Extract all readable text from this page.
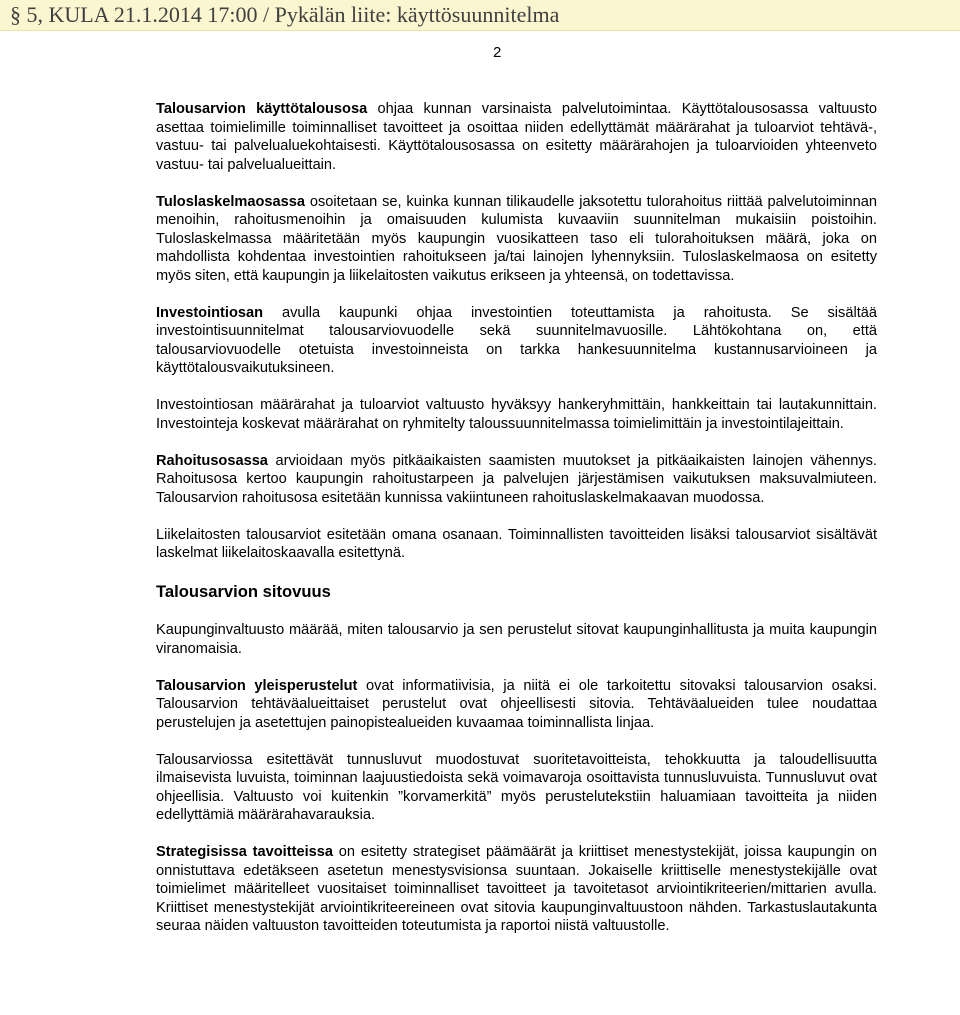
§ 5, KULA 21.1.2014 17:00 / Pykälän liite: käyttösuunnitelma
2

Talousarvion käyttötalousosa ohjaa kunnan varsinaista palvelutoimintaa. Käyttötalousosassa valtuusto asettaa toimielimille toiminnalliset tavoitteet ja osoittaa niiden edellyttämät määrärahat ja tuloarviot tehtävä-, vastuu- tai palvelualuekohtaisesti. Käyttötalousosassa on esitetty määrärahojen ja tuloarvioiden yhteenveto vastuu- tai palvelualueittain.

Tuloslaskelmaosassa osoitetaan se, kuinka kunnan tilikaudelle jaksotettu tulorahoitus riittää palvelutoiminnan menoihin, rahoitusmenoihin ja omaisuuden kulumista kuvaaviin suunnitelman mukaisiin poistoihin. Tuloslaskelmassa määritetään myös kaupungin vuosikatteen taso eli tulorahoituksen määrä, joka on mahdollista kohdentaa investointien rahoitukseen ja/tai lainojen lyhennyksiin. Tuloslaskelmaosa on esitetty myös siten, että kaupungin ja liikelaitosten vaikutus erikseen ja yhteensä, on todettavissa.

Investointiosan avulla kaupunki ohjaa investointien toteuttamista ja rahoitusta. Se sisältää investointisuunnitelmat talousarviovuodelle sekä suunnitelmavuosille. Lähtökohtana on, että talousarviovuodelle otetuista investoinneista on tarkka hankesuunnitelma kustannusarvioineen ja käyttötalousvaikutuksineen.

Investointiosan määrärahat ja tuloarviot valtuusto hyväksyy hankeryhmittäin, hankkeittain tai lautakunnittain. Investointeja koskevat määrärahat on ryhmitelty taloussuunnitelmassa toimielimittäin ja investointilajeittain.

Rahoitusosassa arvioidaan myös pitkäaikaisten saamisten muutokset ja pitkäaikaisten lainojen vähennys. Rahoitusosa kertoo kaupungin rahoitustarpeen ja palvelujen järjestämisen vaikutuksen maksuvalmiuteen. Talousarvion rahoitusosa esitetään kunnissa vakiintuneen rahoituslaskelmakaavan muodossa.

Liikelaitosten talousarviot esitetään omana osanaan. Toiminnallisten tavoitteiden lisäksi talousarviot sisältävät laskelmat liikelaitoskaavalla esitettynä.

Talousarvion sitovuus

Kaupunginvaltuusto määrää, miten talousarvio ja sen perustelut sitovat kaupunginhallitusta ja muita kaupungin viranomaisia.

Talousarvion yleisperustelut ovat informatiivisia, ja niitä ei ole tarkoitettu sitovaksi talousarvion osaksi. Talousarvion tehtäväalueittaiset perustelut ovat ohjeellisesti sitovia. Tehtäväalueiden tulee noudattaa perustelujen ja asetettujen painopistealueiden kuvaamaa toiminnallista linjaa.

Talousarviossa esitettävät tunnusluvut muodostuvat suoritetavoitteista, tehokkuutta ja taloudellisuutta ilmaisevista luvuista, toiminnan laajuustiedoista sekä voimavaroja osoittavista tunnusluvuista. Tunnusluvut ovat ohjeellisia. Valtuusto voi kuitenkin ”korvamerkitä” myös perustelutekstiin haluamiaan tavoitteita ja niiden edellyttämiä määrärahavarauksia.

Strategisissa tavoitteissa on esitetty strategiset päämäärät ja kriittiset menestystekijät, joissa kaupungin on onnistuttava edetäkseen asetetun menestysvisionsa suuntaan. Jokaiselle kriittiselle menestystekijälle ovat toimielimet määritelleet vuositaiset toiminnalliset tavoitteet ja tavoitetasot arviointikriteerien/mittarien avulla. Kriittiset menestystekijät arviointikriteereineen ovat sitovia kaupunginvaltuustoon nähden. Tarkastuslautakunta seuraa näiden valtuuston tavoitteiden toteutumista ja raportoi niistä valtuustolle.
